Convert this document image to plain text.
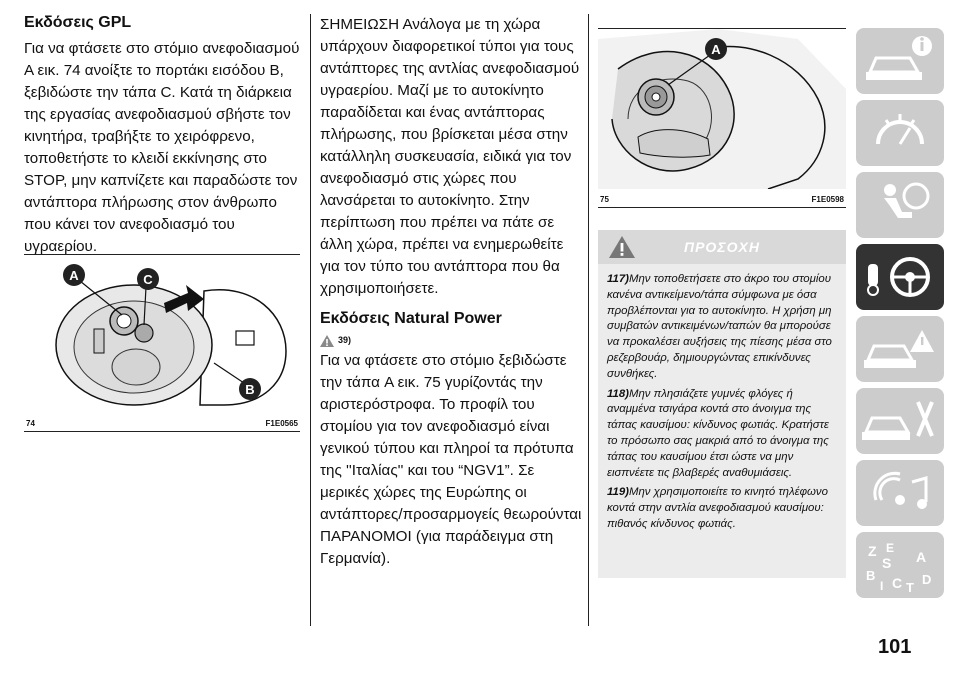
Εκδόσεις GPL

Για να φτάσετε στο στόμιο ανεφοδιασμού A εικ. 74 ανοίξτε το πορτάκι εισόδου B, ξεβιδώστε την τάπα C. Κατά τη διάρκεια της εργασίας ανεφοδιασμού σβήστε τον κινητήρα, τραβήξτε το χειρόφρενο, τοποθετήστε το κλειδί εκκίνησης στο STOP, μην καπνίζετε και παραδώστε τον αντάπτορα πλήρωσης στον άνθρωπο που κάνει τον ανεφοδιασμό του υγραερίου.

A	C
B
74	F1E0565

ΣΗΜΕΙΩΣΗ Ανάλογα με τη χώρα υπάρχουν διαφορετικοί τύποι για τους αντάπτορες της αντλίας ανεφοδιασμού υγραερίου. Μαζί με το αυτοκίνητο παραδίδεται και ένας αντάπτορας πλήρωσης, που βρίσκεται μέσα στην κατάλληλη συσκευασία, ειδικά για τον ανεφοδιασμό στις χώρες που λανσάρεται το αυτοκίνητο. Στην περίπτωση που πρέπει να πάτε σε άλλη χώρα, πρέπει να ενημερωθείτε για τον τύπο του αντάπτορα που θα χρησιμοποιήσετε.

Εκδόσεις Natural Power
39)

Για να φτάσετε στο στόμιο ξεβιδώστε την τάπα A εικ. 75 γυρίζοντάς την αριστερόστροφα. Το προφίλ του στομίου για τον ανεφοδιασμό είναι γενικού τύπου και πληροί τα πρότυπα της ''Ιταλίας'' και του “NGV1”. Σε μερικές χώρες της Ευρώπης οι αντάπτορες/προσαρμογείς θεωρούνται ΠΑΡΑΝΟΜΟΙ (για παράδειγμα στη Γερμανία).

A
75	F1E0598
ΠΡΟΣΟΧΗ

117)Μην τοποθετήσετε στο άκρο του στομίου κανένα αντικείμενο/τάπα σύμφωνα με όσα προβλέπονται για το αυτοκίνητο. Η χρήση μη συμβατών αντικειμένων/ταπών θα μπορούσε να προκαλέσει αυξήσεις της πίεσης μέσα στο ρεζερβουάρ, δημιουργώντας επικίνδυνες συνθήκες.

118)Μην πλησιάζετε γυμνές φλόγες ή αναμμένα τσιγάρα κοντά στο άνοιγμα της τάπας καυσίμου: κίνδυνος φωτιάς. Κρατήστε το πρόσωπο σας μακριά από το άνοιγμα της τάπας του καυσίμου έτσι ώστε να μην εισπνέετε τις βλαβερές αναθυμιάσεις.

119)Μην χρησιμοποιείτε το κινητό τηλέφωνο κοντά στην αντλία ανεφοδιασμού καυσίμου: πιθανός κίνδυνος φωτιάς.

Z E
S A
B
I C T
D
101
